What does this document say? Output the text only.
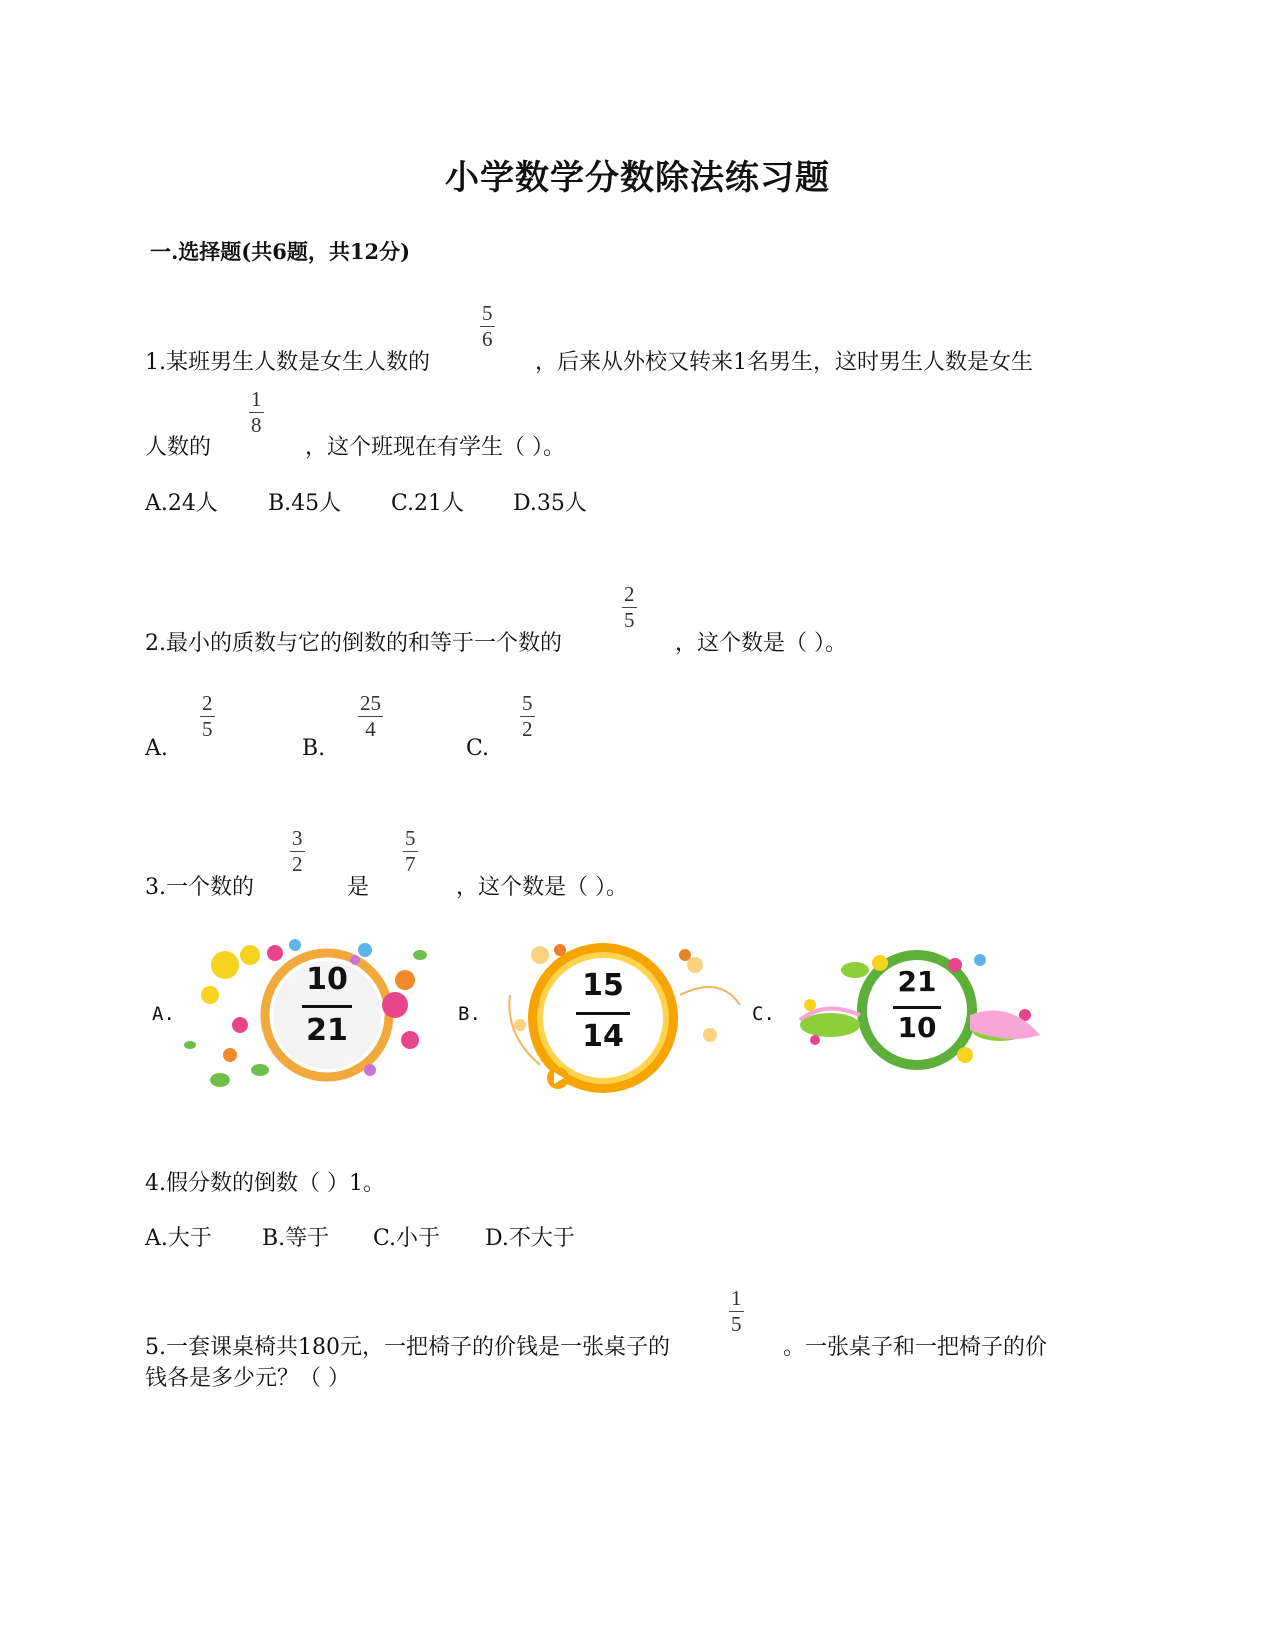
小学数学分数除法练习题
一.选择题(共6题，共12分)
1.某班男生人数是女生人数的
5
6
，后来从外校又转来1名男生，这时男生人数是女生
人数的
1
8
，这个班现在有学生（ ）。
A.24人 B.45人 C.21人 D.35人
2.最小的质数与它的倒数的和等于一个数的
2
5
，这个数是（ ）。
A.
2
5
B.
25
4
C.
5
2
3.一个数的
3
2
是
5
7
，这个数是（ ）。
A.
10
21	B.
15
14
C.
21
10
4.假分数的倒数（ ）1。
A.大于 B.等于 C.小于 D.不大于
5.一套课桌椅共180元，一把椅子的价钱是一张桌子的
1
5
。一张桌子和一把椅子的价
钱各是多少元？（ ）
